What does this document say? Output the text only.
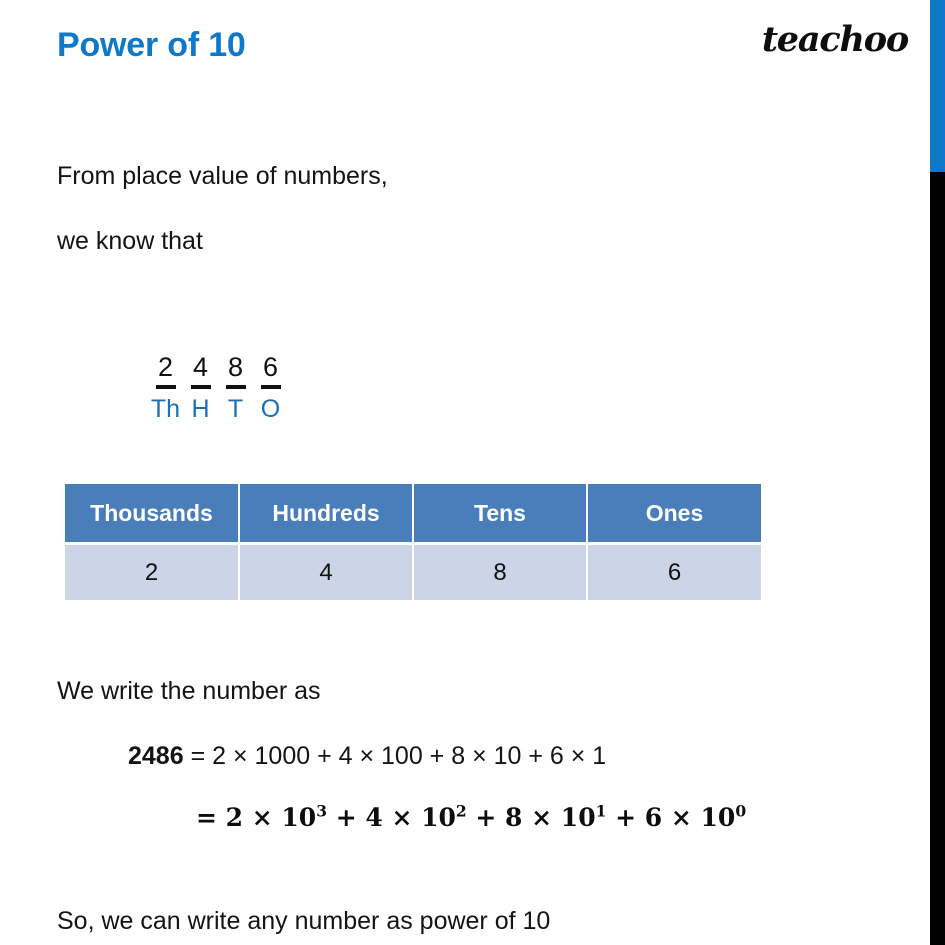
Power of 10	teachoo
From place value of numbers,
we know that
2 4 8 6
Th H T O
Thousands	Hundreds	Tens	Ones
2	4	8	6
We write the number as
2486 = 2 × 1000 + 4 × 100 + 8 × 10 + 6 × 1
= $2 \times 10^3 + 4 \times 10^2 + 8 \times 10^1 + 6 \times 10^0$
So, we can write any number as power of 10
